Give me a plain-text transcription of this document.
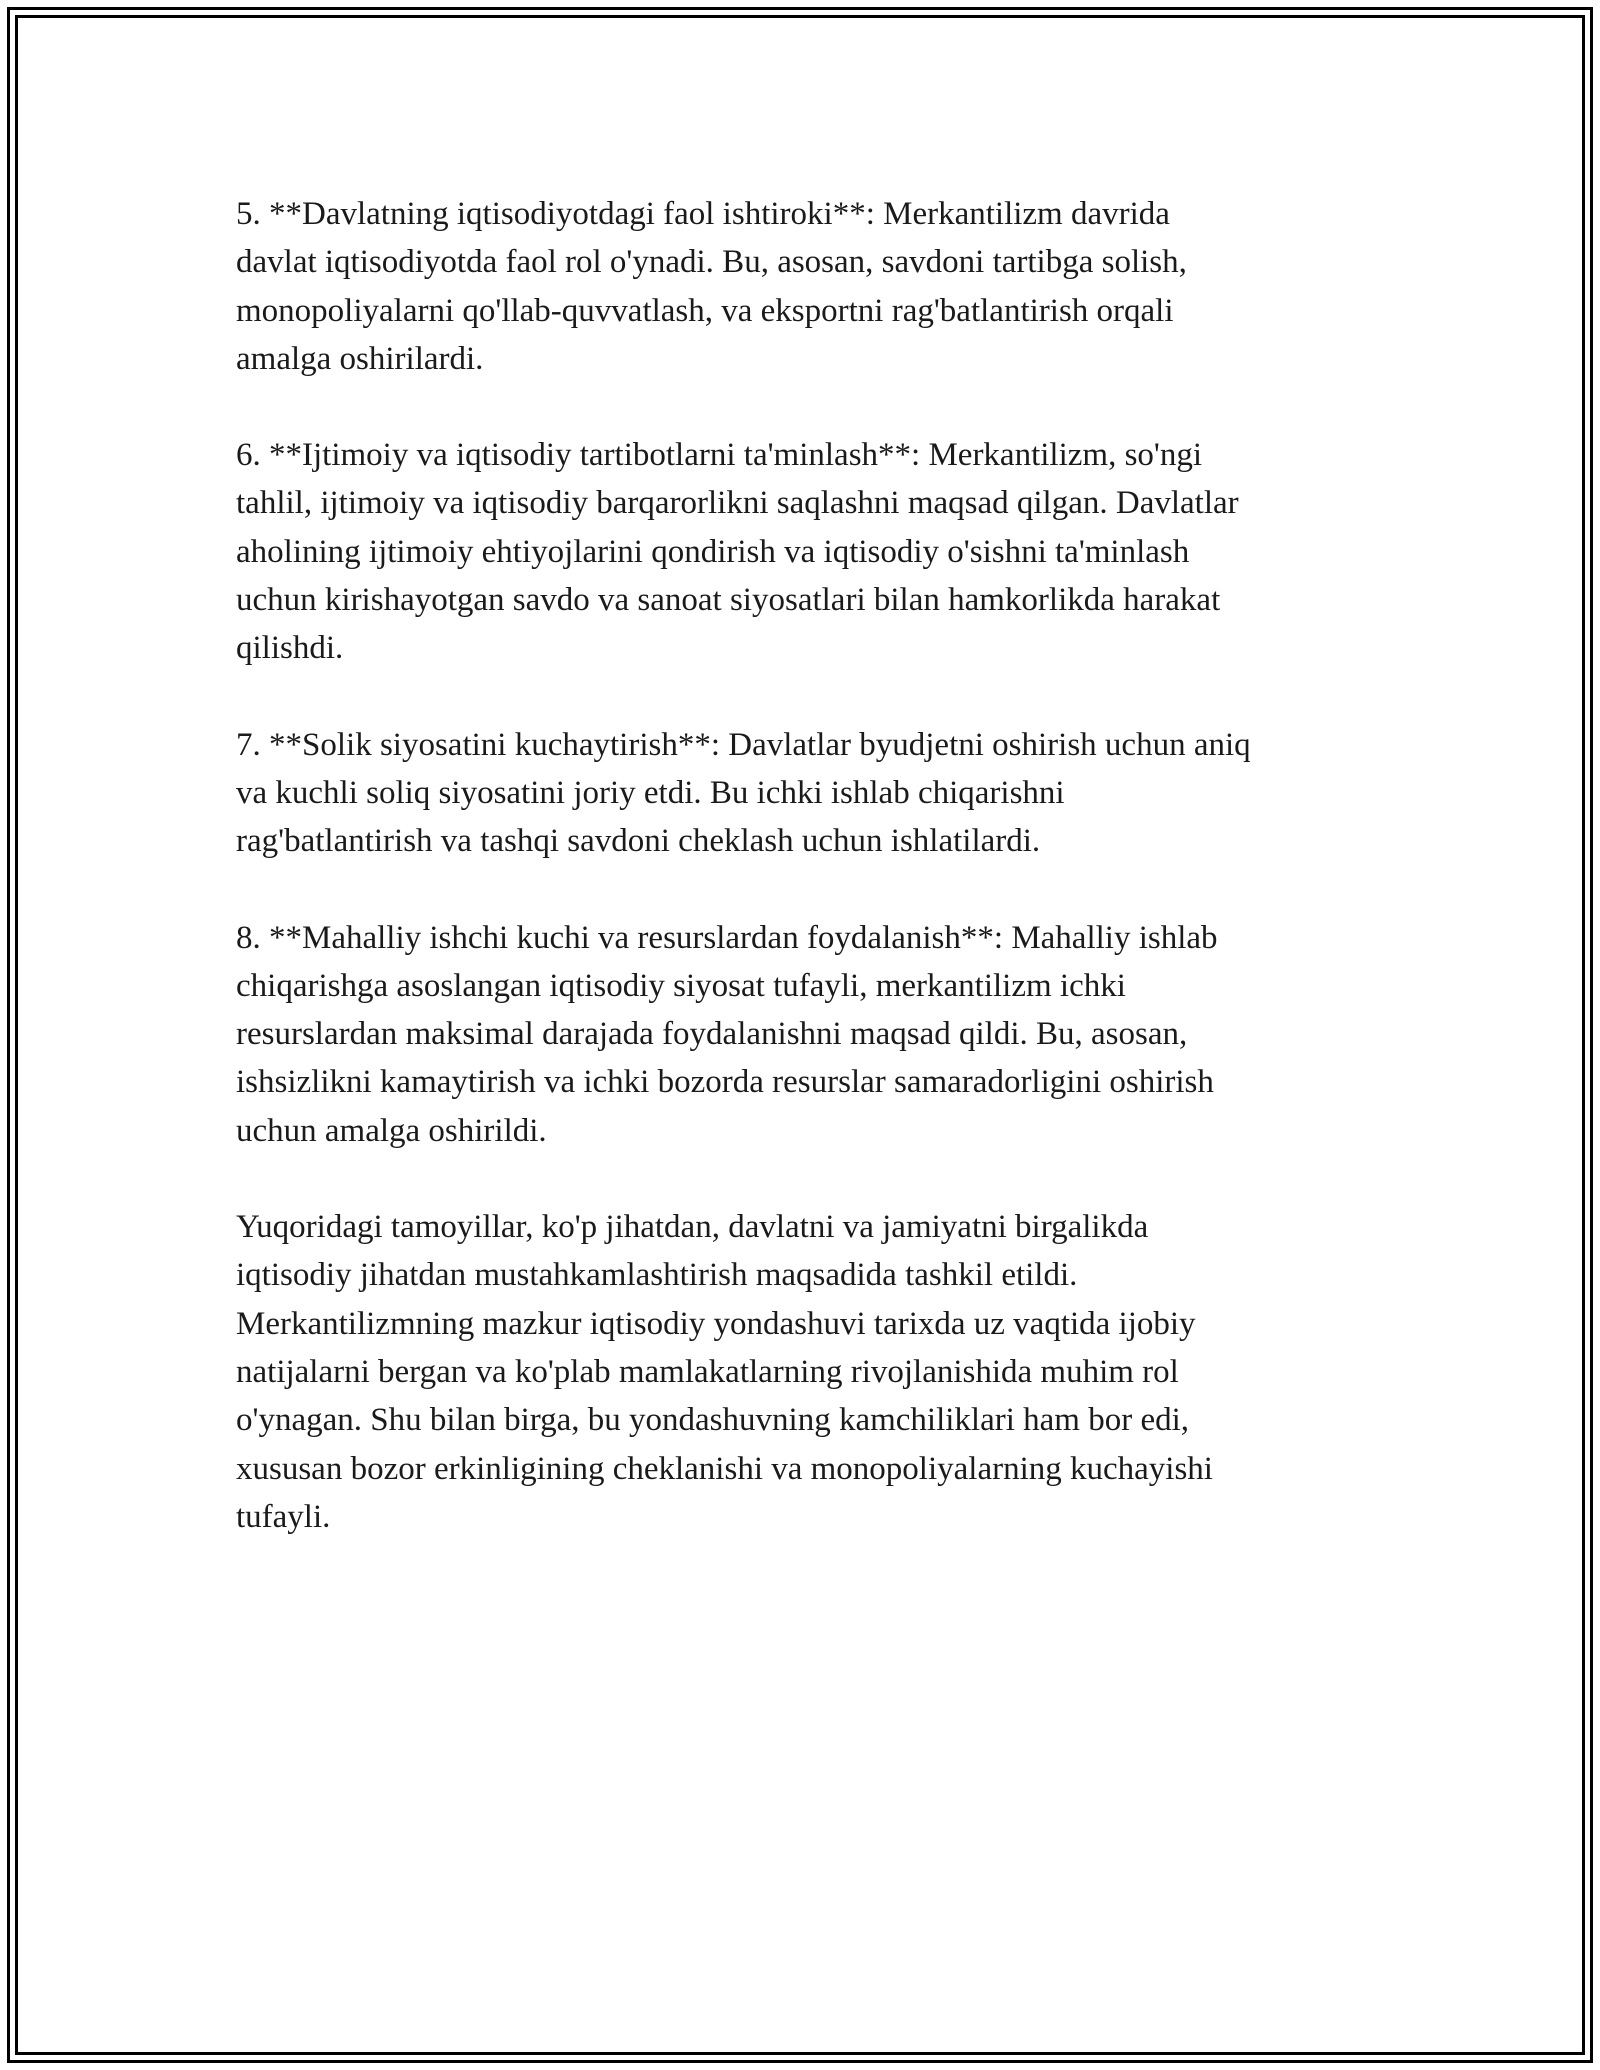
5. **Davlatning iqtisodiyotdagi faol ishtiroki**: Merkantilizm davrida
davlat iqtisodiyotda faol rol o'ynadi. Bu, asosan, savdoni tartibga solish,
monopoliyalarni qo'llab-quvvatlash, va eksportni rag'batlantirish orqali
amalga oshirilardi.

6. **Ijtimoiy va iqtisodiy tartibotlarni ta'minlash**: Merkantilizm, so'ngi
tahlil, ijtimoiy va iqtisodiy barqarorlikni saqlashni maqsad qilgan. Davlatlar
aholining ijtimoiy ehtiyojlarini qondirish va iqtisodiy o'sishni ta'minlash
uchun kirishayotgan savdo va sanoat siyosatlari bilan hamkorlikda harakat
qilishdi.

7. **Solik siyosatini kuchaytirish**: Davlatlar byudjetni oshirish uchun aniq
va kuchli soliq siyosatini joriy etdi. Bu ichki ishlab chiqarishni
rag'batlantirish va tashqi savdoni cheklash uchun ishlatilardi.

8. **Mahalliy ishchi kuchi va resurslardan foydalanish**: Mahalliy ishlab
chiqarishga asoslangan iqtisodiy siyosat tufayli, merkantilizm ichki
resurslardan maksimal darajada foydalanishni maqsad qildi. Bu, asosan,
ishsizlikni kamaytirish va ichki bozorda resurslar samaradorligini oshirish
uchun amalga oshirildi.

Yuqoridagi tamoyillar, ko'p jihatdan, davlatni va jamiyatni birgalikda
iqtisodiy jihatdan mustahkamlashtirish maqsadida tashkil etildi.
Merkantilizmning mazkur iqtisodiy yondashuvi tarixda uz vaqtida ijobiy
natijalarni bergan va ko'plab mamlakatlarning rivojlanishida muhim rol
o'ynagan. Shu bilan birga, bu yondashuvning kamchiliklari ham bor edi,
xususan bozor erkinligining cheklanishi va monopoliyalarning kuchayishi
tufayli.
